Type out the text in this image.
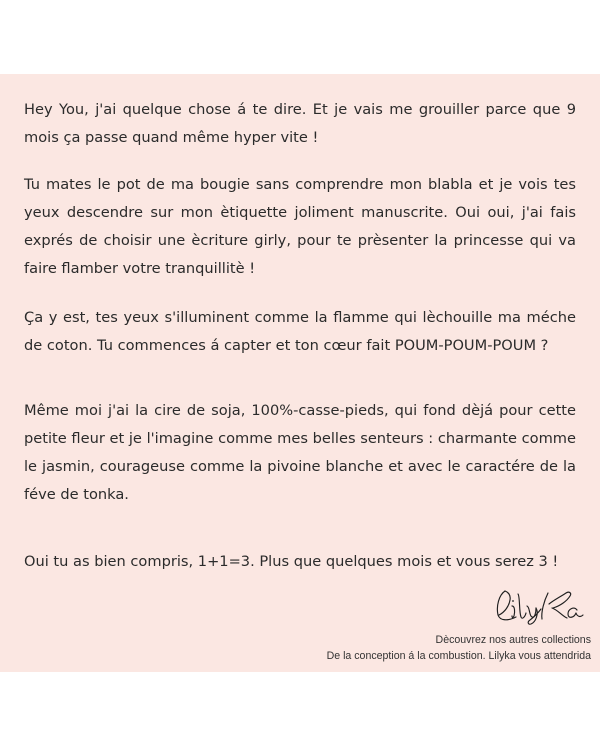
Hey You, j'ai quelque chose á te dire. Et je vais me grouiller parce que 9 mois ça passe quand même hyper vite !

Tu mates le pot de ma bougie sans comprendre mon blabla et je vois tes yeux descendre sur mon ètiquette joliment manuscrite. Oui oui, j'ai fais exprés de choisir une ècriture girly, pour te prèsenter la princesse qui va faire flamber votre tranquillitè !

Ça y est, tes yeux s'illuminent comme la flamme qui lèchouille ma méche de coton. Tu commences á capter et ton cœur fait POUM-POUM-POUM ?

Même moi j'ai la cire de soja, 100%-casse-pieds, qui fond dèjá pour cette petite fleur et je l'imagine comme mes belles senteurs : charmante comme le jasmin, courageuse comme la pivoine blanche et avec le caractére de la féve de tonka.

Oui tu as bien compris, 1+1=3. Plus que quelques mois et vous serez 3 !

Dècouvrez nos autres collections
De la conception á la combustion. Lilyka vous attendrida
